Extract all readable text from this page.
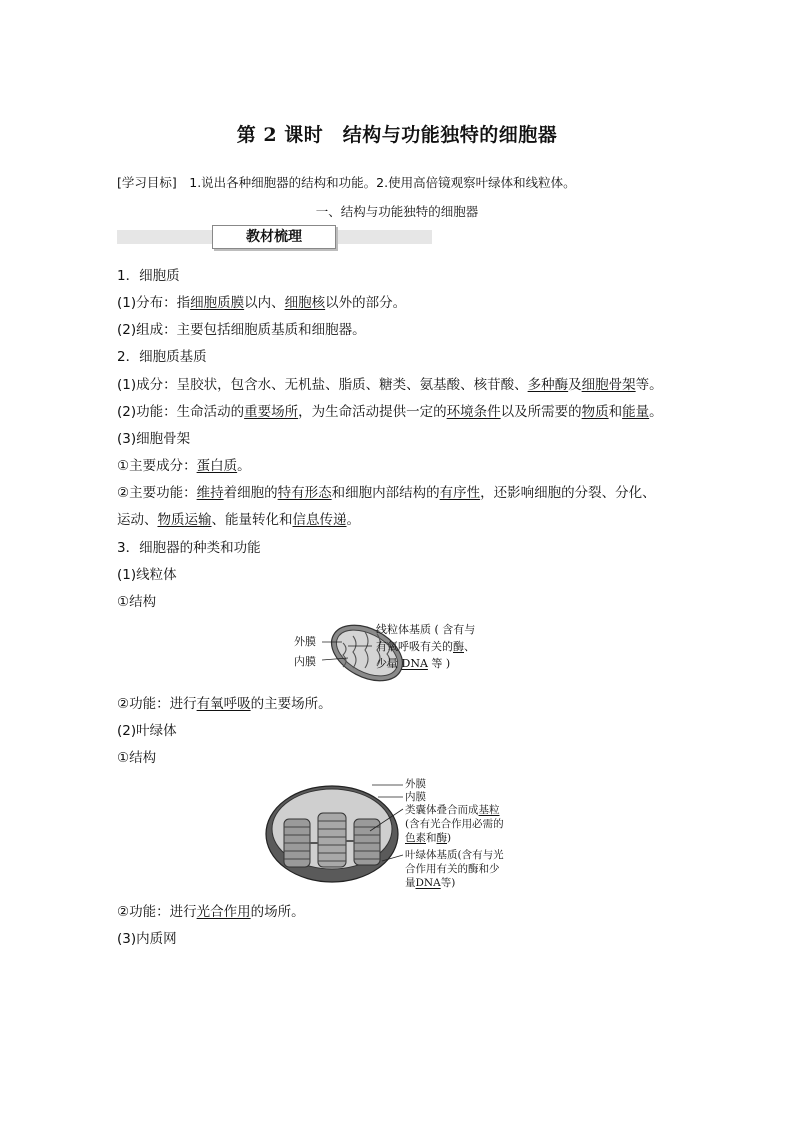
第 2 课时　结构与功能独特的细胞器
[学习目标]　1.说出各种细胞器的结构和功能。2.使用高倍镜观察叶绿体和线粒体。
一、结构与功能独特的细胞器
教材梳理
1．细胞质
(1)分布：指细胞质膜以内、细胞核以外的部分。
(2)组成：主要包括细胞质基质和细胞器。
2．细胞质基质
(1)成分：呈胶状，包含水、无机盐、脂质、糖类、氨基酸、核苷酸、多种酶及细胞骨架等。
(2)功能：生命活动的重要场所，为生命活动提供一定的环境条件以及所需要的物质和能量。
(3)细胞骨架
①主要成分：蛋白质。
②主要功能：维持着细胞的特有形态和细胞内部结构的有序性，还影响细胞的分裂、分化、
运动、物质运输、能量转化和信息传递。
3．细胞器的种类和功能
(1)线粒体
①结构
外膜
内膜
线粒体基质 ( 含有与
有氧呼吸有关的酶、
少量 DNA 等 )
②功能：进行有氧呼吸的主要场所。
(2)叶绿体
①结构
外膜
内膜
类囊体叠合而成基粒
(含有光合作用必需的
色素和酶)
叶绿体基质(含有与光
合作用有关的酶和少
量DNA等)
②功能：进行光合作用的场所。
(3)内质网
